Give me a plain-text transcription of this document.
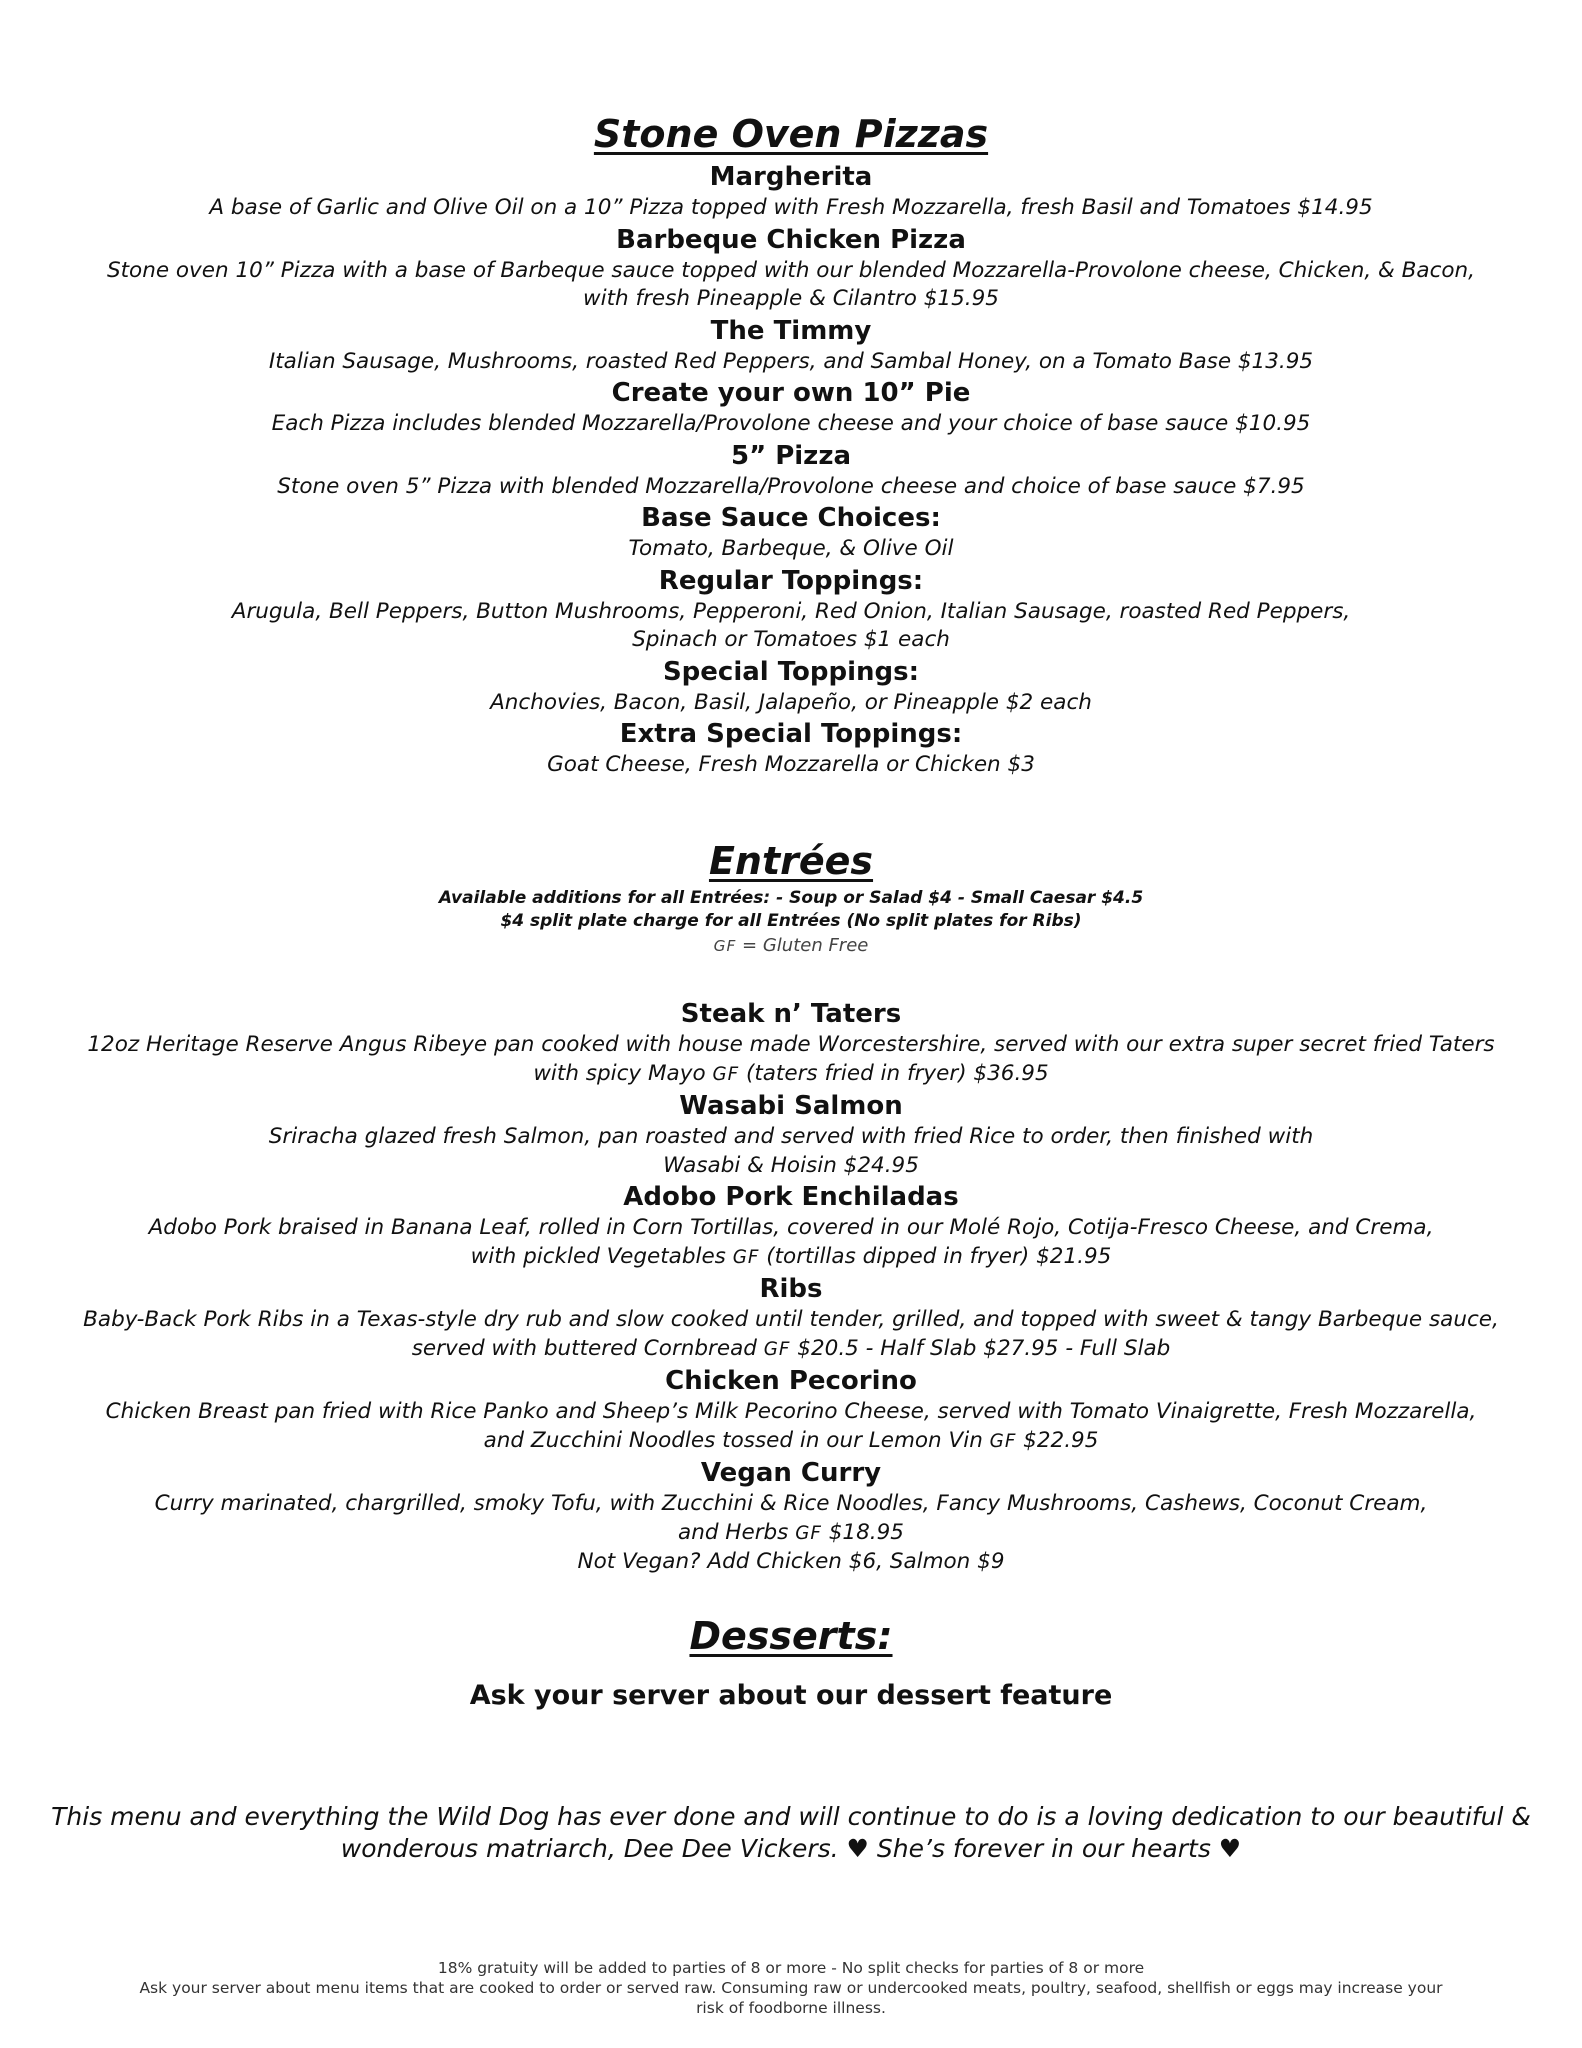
Stone Oven Pizzas

Margherita

A base of Garlic and Olive Oil on a 10” Pizza topped with Fresh Mozzarella, fresh Basil and Tomatoes $14.95

Barbeque Chicken Pizza

Stone oven 10” Pizza with a base of Barbeque sauce topped with our blended Mozzarella-Provolone cheese, Chicken, & Bacon,
with fresh Pineapple & Cilantro $15.95

The Timmy

Italian Sausage, Mushrooms, roasted Red Peppers, and Sambal Honey, on a Tomato Base $13.95

Create your own 10” Pie

Each Pizza includes blended Mozzarella/Provolone cheese and your choice of base sauce $10.95

5” Pizza

Stone oven 5” Pizza with blended Mozzarella/Provolone cheese and choice of base sauce $7.95

Base Sauce Choices:

Tomato, Barbeque, & Olive Oil

Regular Toppings:

Arugula, Bell Peppers, Button Mushrooms, Pepperoni, Red Onion, Italian Sausage, roasted Red Peppers,
Spinach or Tomatoes $1 each

Special Toppings:

Anchovies, Bacon, Basil, Jalapeño, or Pineapple $2 each

Extra Special Toppings:

Goat Cheese, Fresh Mozzarella or Chicken $3

Entrées

Available additions for all Entrées: - Soup or Salad $4 - Small Caesar $4.5

$4 split plate charge for all Entrées (No split plates for Ribs)

GF = Gluten Free

Steak n’ Taters

12oz Heritage Reserve Angus Ribeye pan cooked with house made Worcestershire, served with our extra super secret fried Taters
with spicy Mayo GF (taters fried in fryer) $36.95

Wasabi Salmon

Sriracha glazed fresh Salmon, pan roasted and served with fried Rice to order, then finished with
Wasabi & Hoisin $24.95

Adobo Pork Enchiladas

Adobo Pork braised in Banana Leaf, rolled in Corn Tortillas, covered in our Molé Rojo, Cotija-Fresco Cheese, and Crema,
with pickled Vegetables GF (tortillas dipped in fryer) $21.95

Ribs

Baby-Back Pork Ribs in a Texas-style dry rub and slow cooked until tender, grilled, and topped with sweet & tangy Barbeque sauce,
served with buttered Cornbread GF $20.5 - Half Slab $27.95 - Full Slab

Chicken Pecorino

Chicken Breast pan fried with Rice Panko and Sheep’s Milk Pecorino Cheese, served with Tomato Vinaigrette, Fresh Mozzarella,
and Zucchini Noodles tossed in our Lemon Vin GF $22.95

Vegan Curry

Curry marinated, chargrilled, smoky Tofu, with Zucchini & Rice Noodles, Fancy Mushrooms, Cashews, Coconut Cream,
and Herbs GF $18.95
Not Vegan? Add Chicken $6, Salmon $9

Desserts:

Ask your server about our dessert feature

This menu and everything the Wild Dog has ever done and will continue to do is a loving dedication to our beautiful &
wonderous matriarch, Dee Dee Vickers. ♥ She’s forever in our hearts ♥

18% gratuity will be added to parties of 8 or more - No split checks for parties of 8 or more
Ask your server about menu items that are cooked to order or served raw. Consuming raw or undercooked meats, poultry, seafood, shellfish or eggs may increase your
risk of foodborne illness.
